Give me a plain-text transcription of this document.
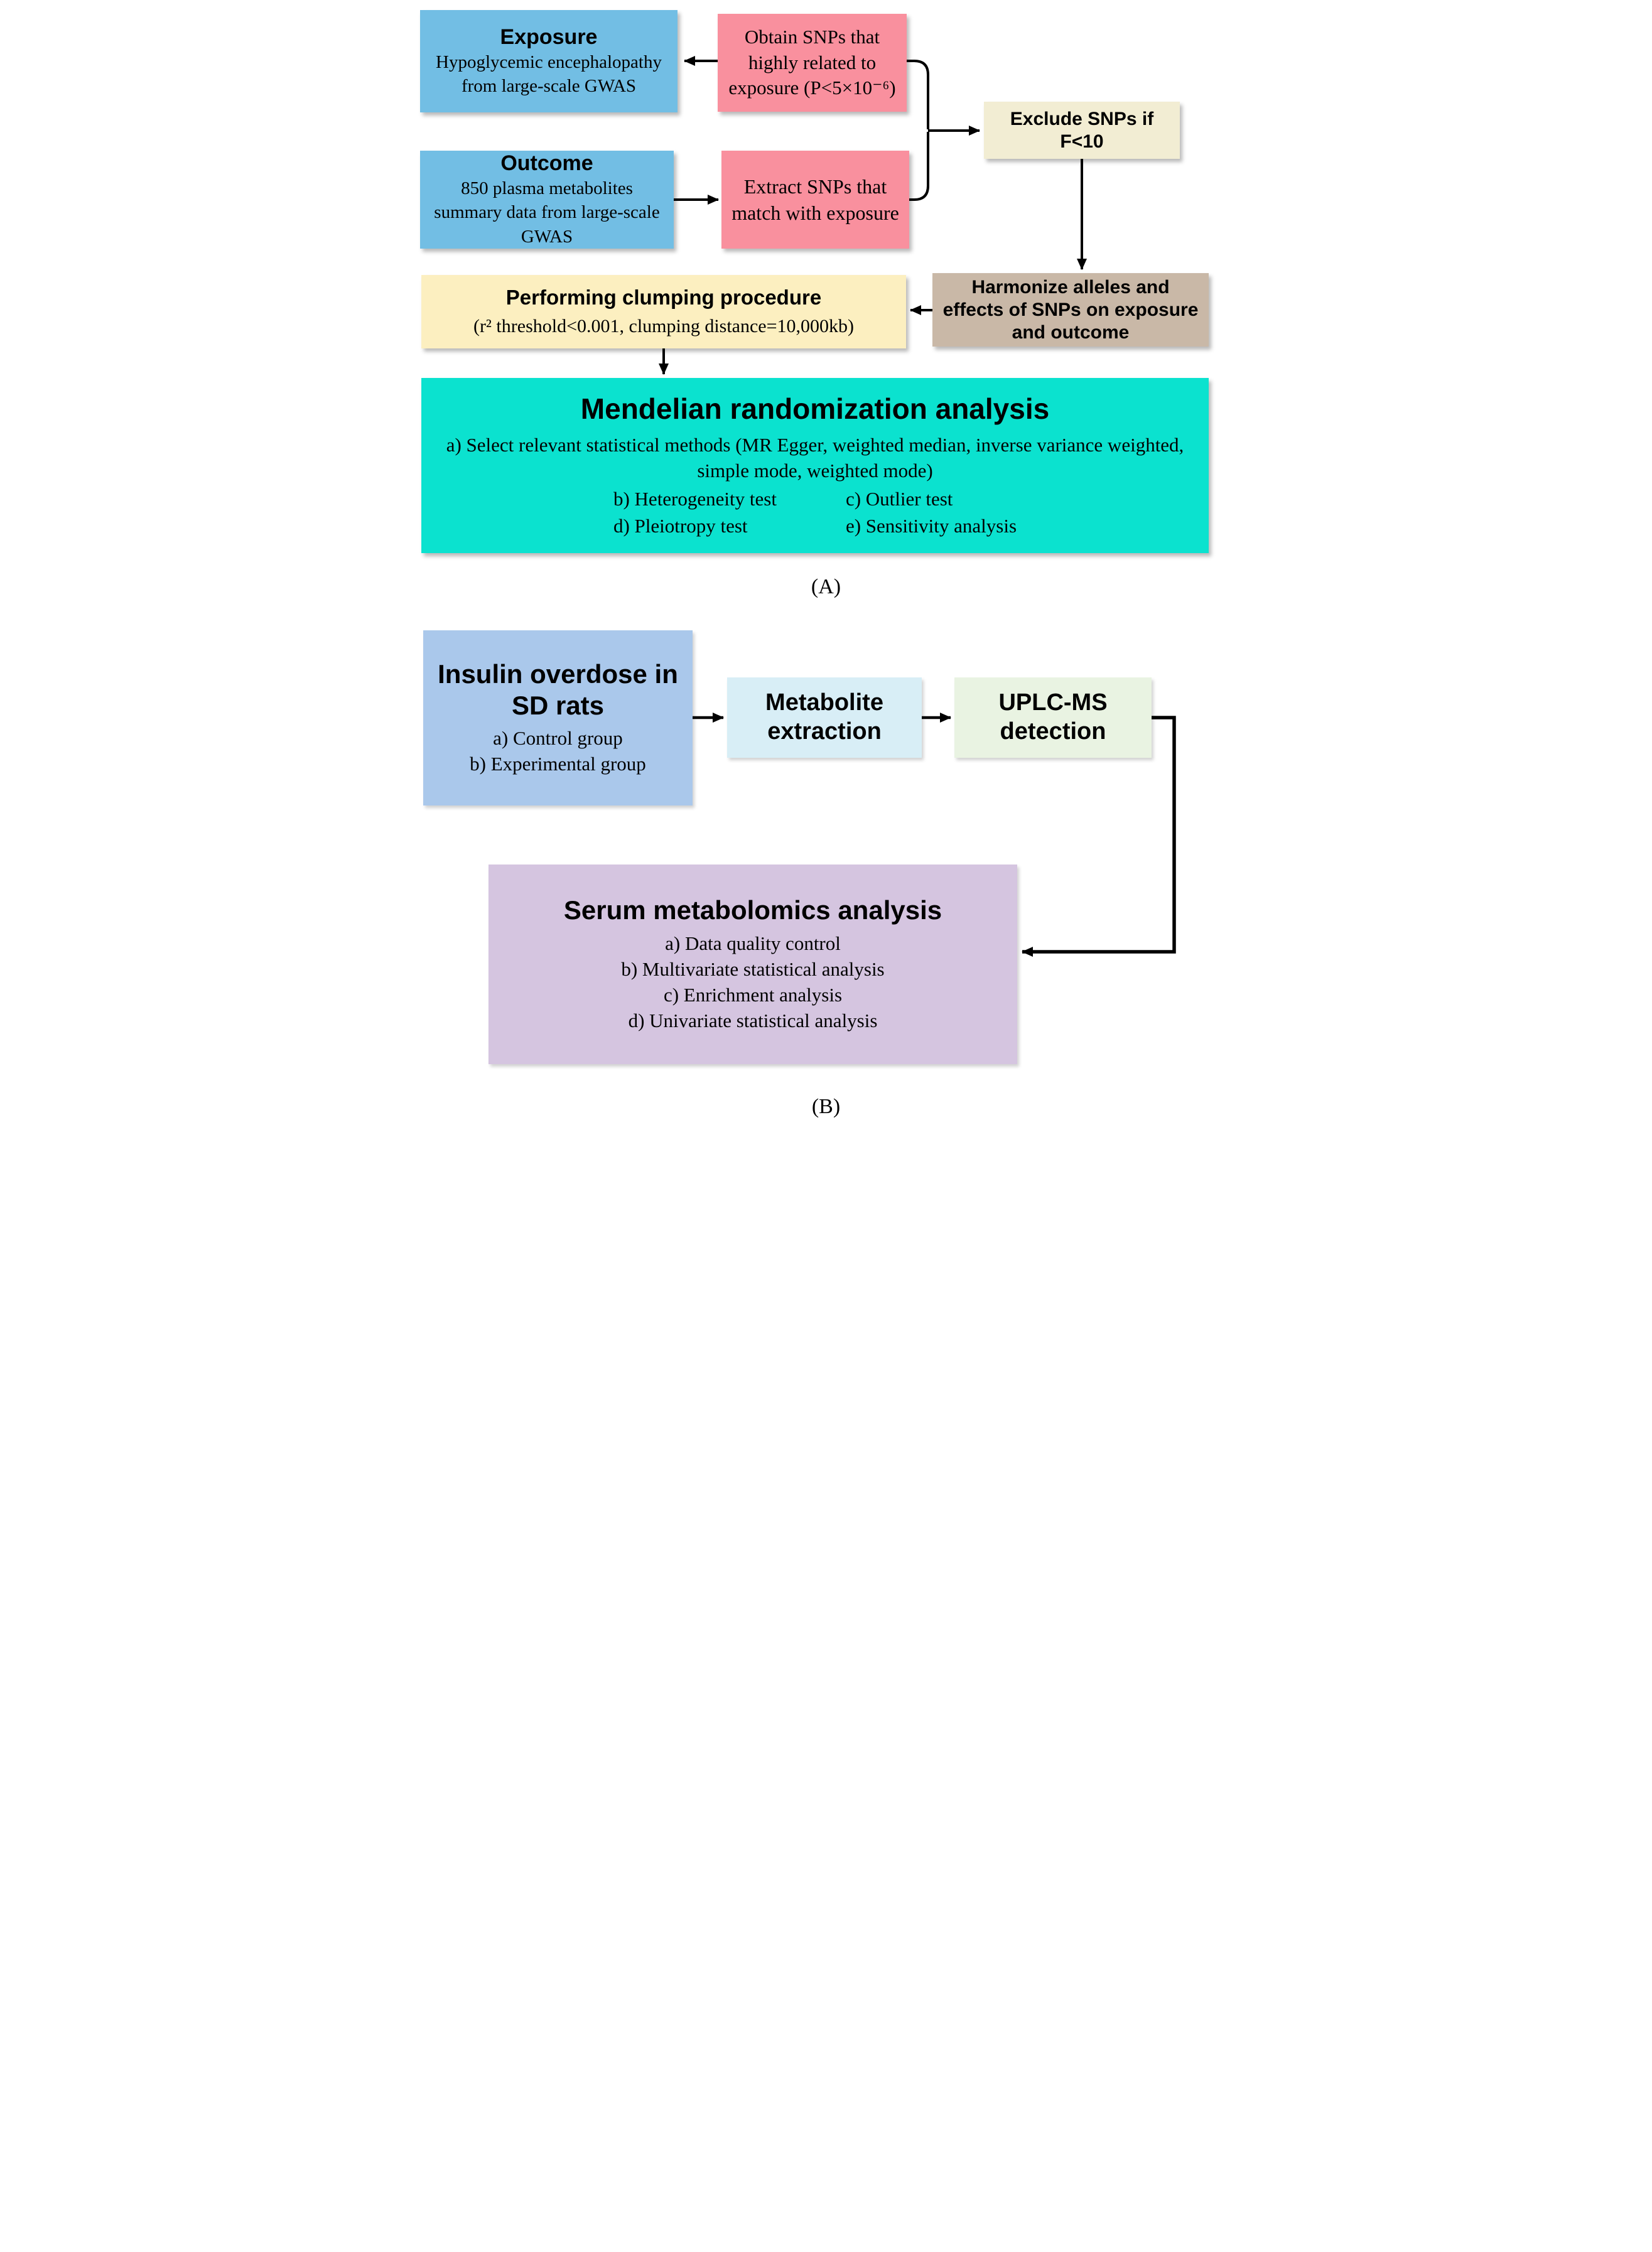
Exposure
Hypoglycemic encephalopathy from large-scale GWAS
Obtain SNPs that highly related to exposure (P<5×10⁻⁶)
Exclude SNPs if F<10
Outcome
850 plasma metabolites summary data from large-scale GWAS
Extract SNPs that match with exposure
Harmonize alleles and effects of SNPs on exposure and outcome
Performing clumping procedure
(r² threshold<0.001, clumping distance=10,000kb)
Mendelian randomization analysis
a) Select relevant statistical methods (MR Egger, weighted median, inverse variance weighted, simple mode, weighted mode)
b) Heterogeneity test	c) Outlier test
d) Pleiotropy test	e) Sensitivity analysis
(A)
Insulin overdose in SD rats
a) Control group
b) Experimental group
Metabolite extraction
UPLC-MS detection
Serum metabolomics analysis
a) Data quality control
b) Multivariate statistical analysis
c) Enrichment analysis
d) Univariate statistical analysis
(B)
